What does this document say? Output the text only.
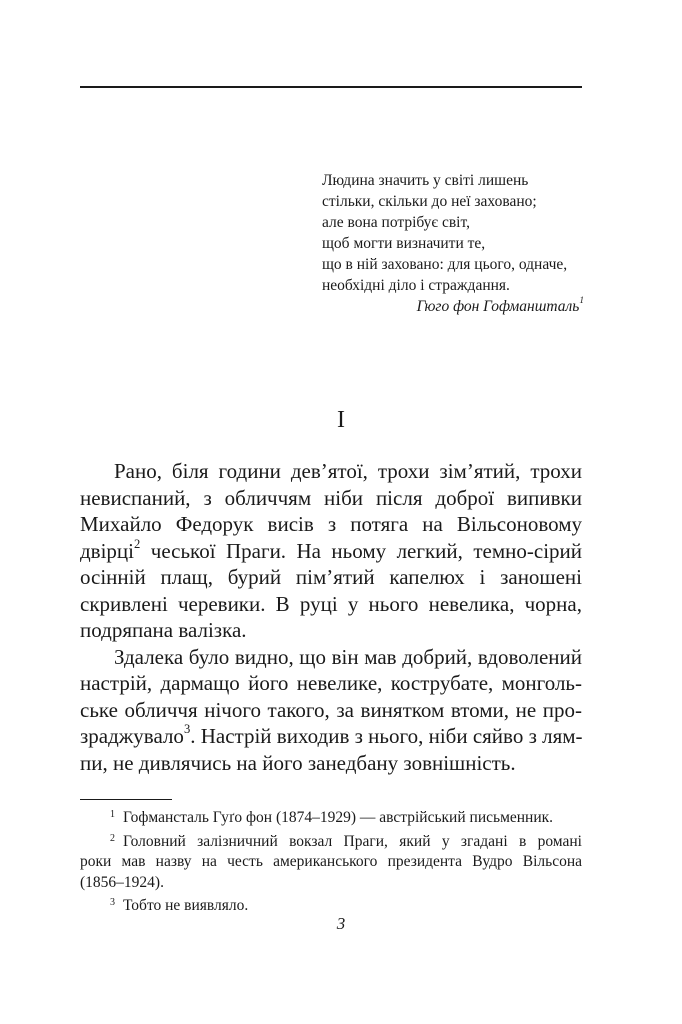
Людина значить у світі лишень
стільки, скільки до неї заховано;
але вона потрібує світ,
щоб могти визначити те,
що в ній заховано: для цього, одначе,
необхідні діло і страждання.
Гюго фон Гофманшталь$^1$
I
Рано, біля години дев’ятої, трохи зім’ятий, трохи
невиспаний, з обличчям ніби після доброї випивки
Михайло Федорук висів з потяга на Вільсоновому
двірці$^2$ чеської Праги. На ньому легкий, темно-сірий
осінній плащ, бурий пім’ятий капелюх і заношені
скривлені черевики. В руці у нього невелика, чорна,
подряпана валізка.
Здалека було видно, що він мав добрий, вдоволений
настрій, дармащо його невелике, кострубате, монголь-
ське обличчя нічого такого, за винятком втоми, не про-
зраджувало$^3$. Настрій виходив з нього, ніби сяйво з лям-
пи, не дивлячись на його занедбану зовнішність.
$^1$ Гофмансталь Гуґо фон (1874–1929) — австрійський письменник.
$^2$ Головний залізничний вокзал Праги, який у згадані в романі
роки мав назву на честь американського президента Вудро Вільсона
(1856–1924).
$^3$ Тобто не виявляло.
3
